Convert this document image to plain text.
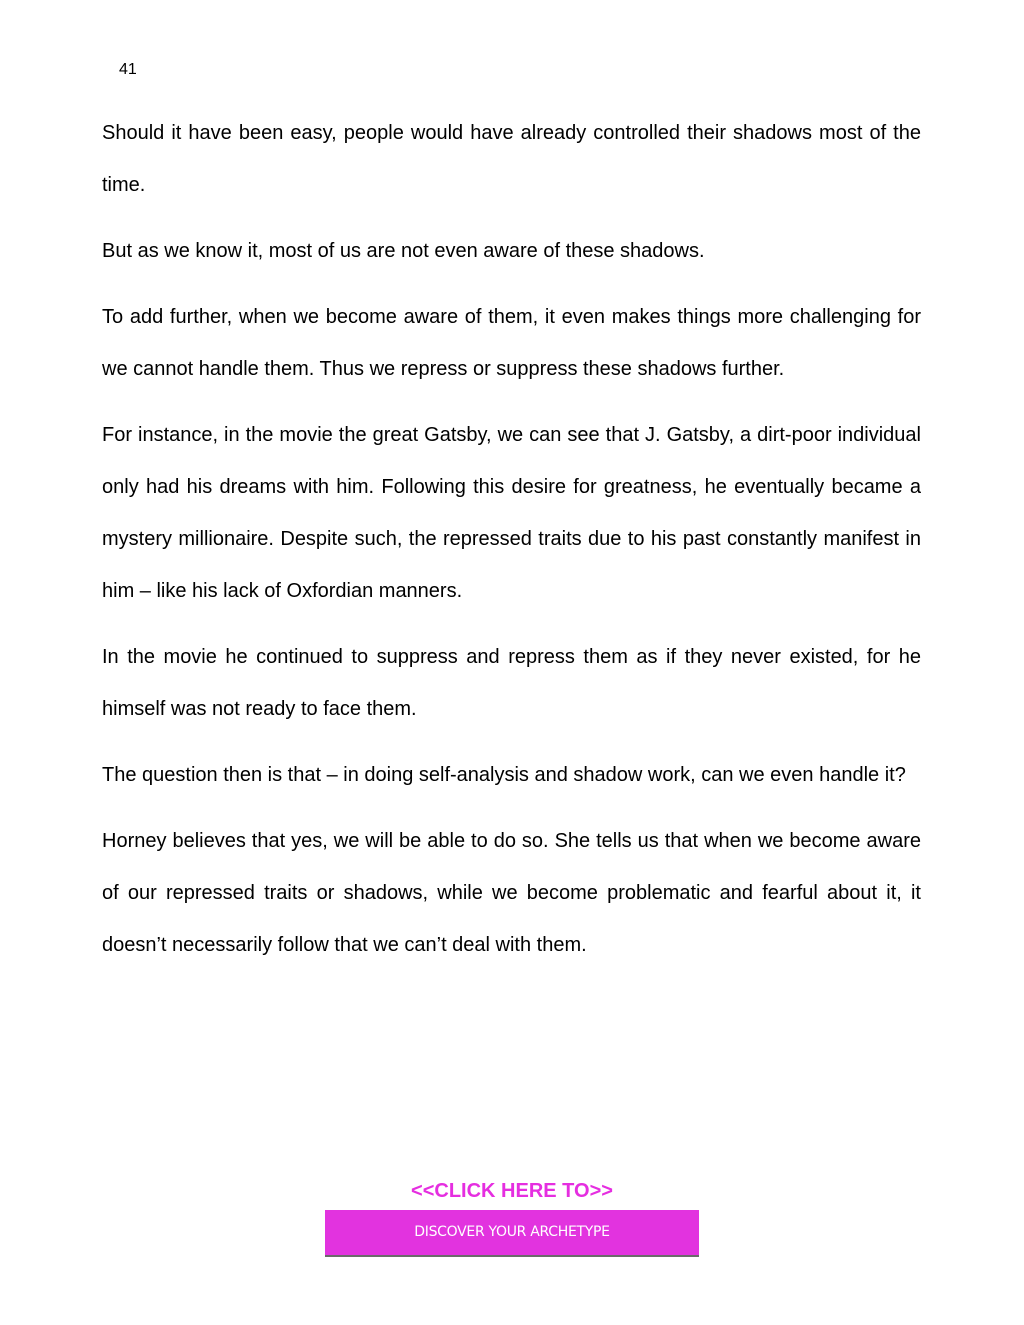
41

Should it have been easy, people would have already controlled their shadows most of the time.

But as we know it, most of us are not even aware of these shadows.

To add further, when we become aware of them, it even makes things more challenging for we cannot handle them. Thus we repress or suppress these shadows further.

For instance, in the movie the great Gatsby, we can see that J. Gatsby, a dirt-poor individual only had his dreams with him. Following this desire for greatness, he eventually became a mystery millionaire. Despite such, the repressed traits due to his past constantly manifest in him – like his lack of Oxfordian manners.

In the movie he continued to suppress and repress them as if they never existed, for he himself was not ready to face them.

The question then is that – in doing self-analysis and shadow work, can we even handle it?

Horney believes that yes, we will be able to do so. She tells us that when we become aware of our repressed traits or shadows, while we become problematic and fearful about it, it doesn’t necessarily follow that we can’t deal with them.

<<CLICK HERE TO>>
DISCOVER YOUR ARCHETYPE
